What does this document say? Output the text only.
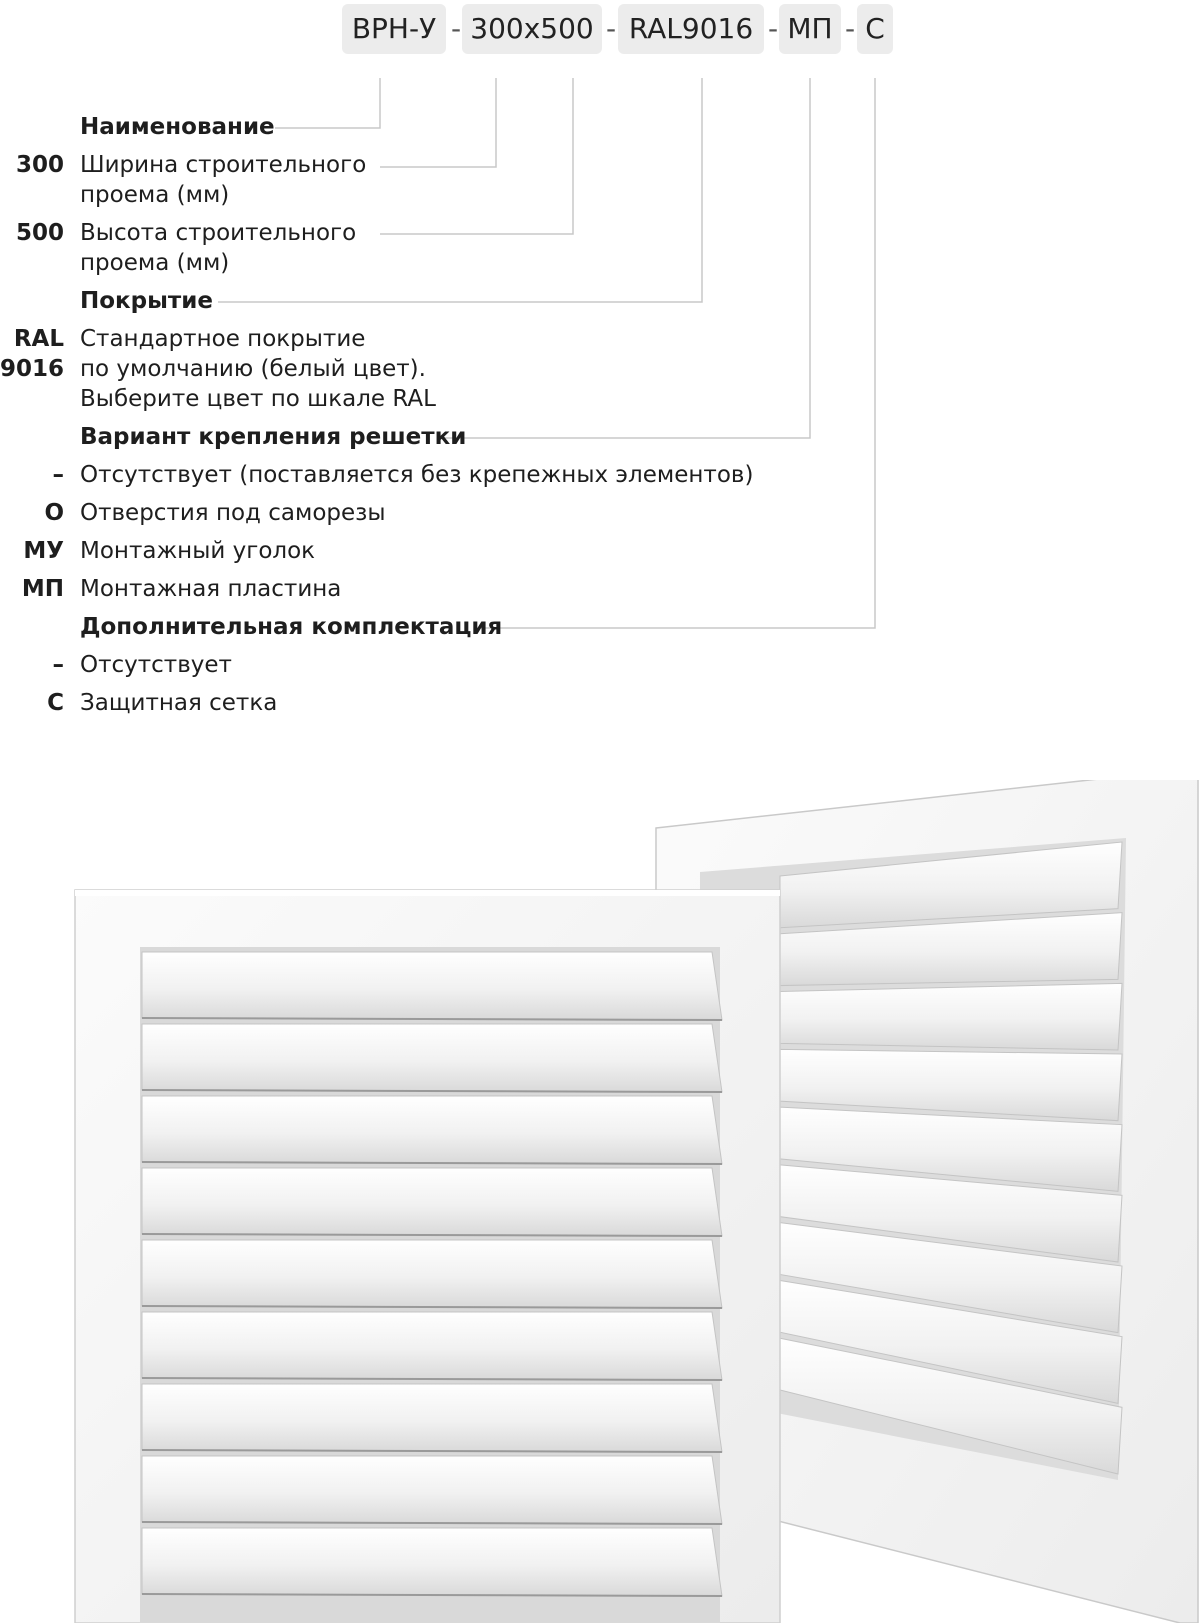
ВРН-У - 300x500 - RAL9016 - МП - С
Наименование
300 Ширина строительного
проема (мм)
500 Высота строительного
проема (мм)
Покрытие
RAL
9016
Стандартное покрытие
по умолчанию (белый цвет).
Выберите цвет по шкале RAL
Вариант крепления решетки
– Отсутствует (поставляется без крепежных элементов)
О Отверстия под саморезы
МУ Монтажный уголок
МП Монтажная пластина
Дополнительная комплектация
– Отсутствует
С Защитная сетка
